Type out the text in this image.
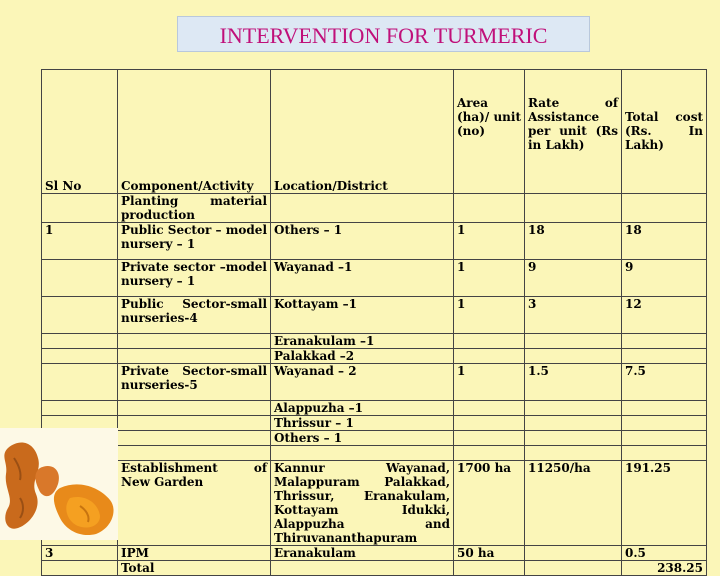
INTERVENTION FOR TURMERIC
Sl No	Component/Activity	Location/District	Area (ha)/ unit (no)	Rate of Assistance per unit (Rs in Lakh)	Total cost (Rs. In Lakh)
	Planting material production				
1	Public Sector – model nursery – 1	Others – 1	1	18	18
	Private sector –model nursery – 1	Wayanad –1	1	9	9
	Public Sector-small nurseries-4	Kottayam –1	1	3	12
		Eranakulam –1			
		Palakkad –2			
	Private Sector-small nurseries-5	Wayanad – 2	1	1.5	7.5
		Alappuzha –1			
		Thrissur – 1			
		Others – 1			

	Establishment of New Garden	Kannur Wayanad, Malappuram Palakkad, Thrissur, Eranakulam, Kottayam Idukki, Alappuzha and Thiruvananthapuram	1700 ha	11250/ha	191.25
3	IPM	Eranakulam	50 ha		0.5
	Total				238.25
